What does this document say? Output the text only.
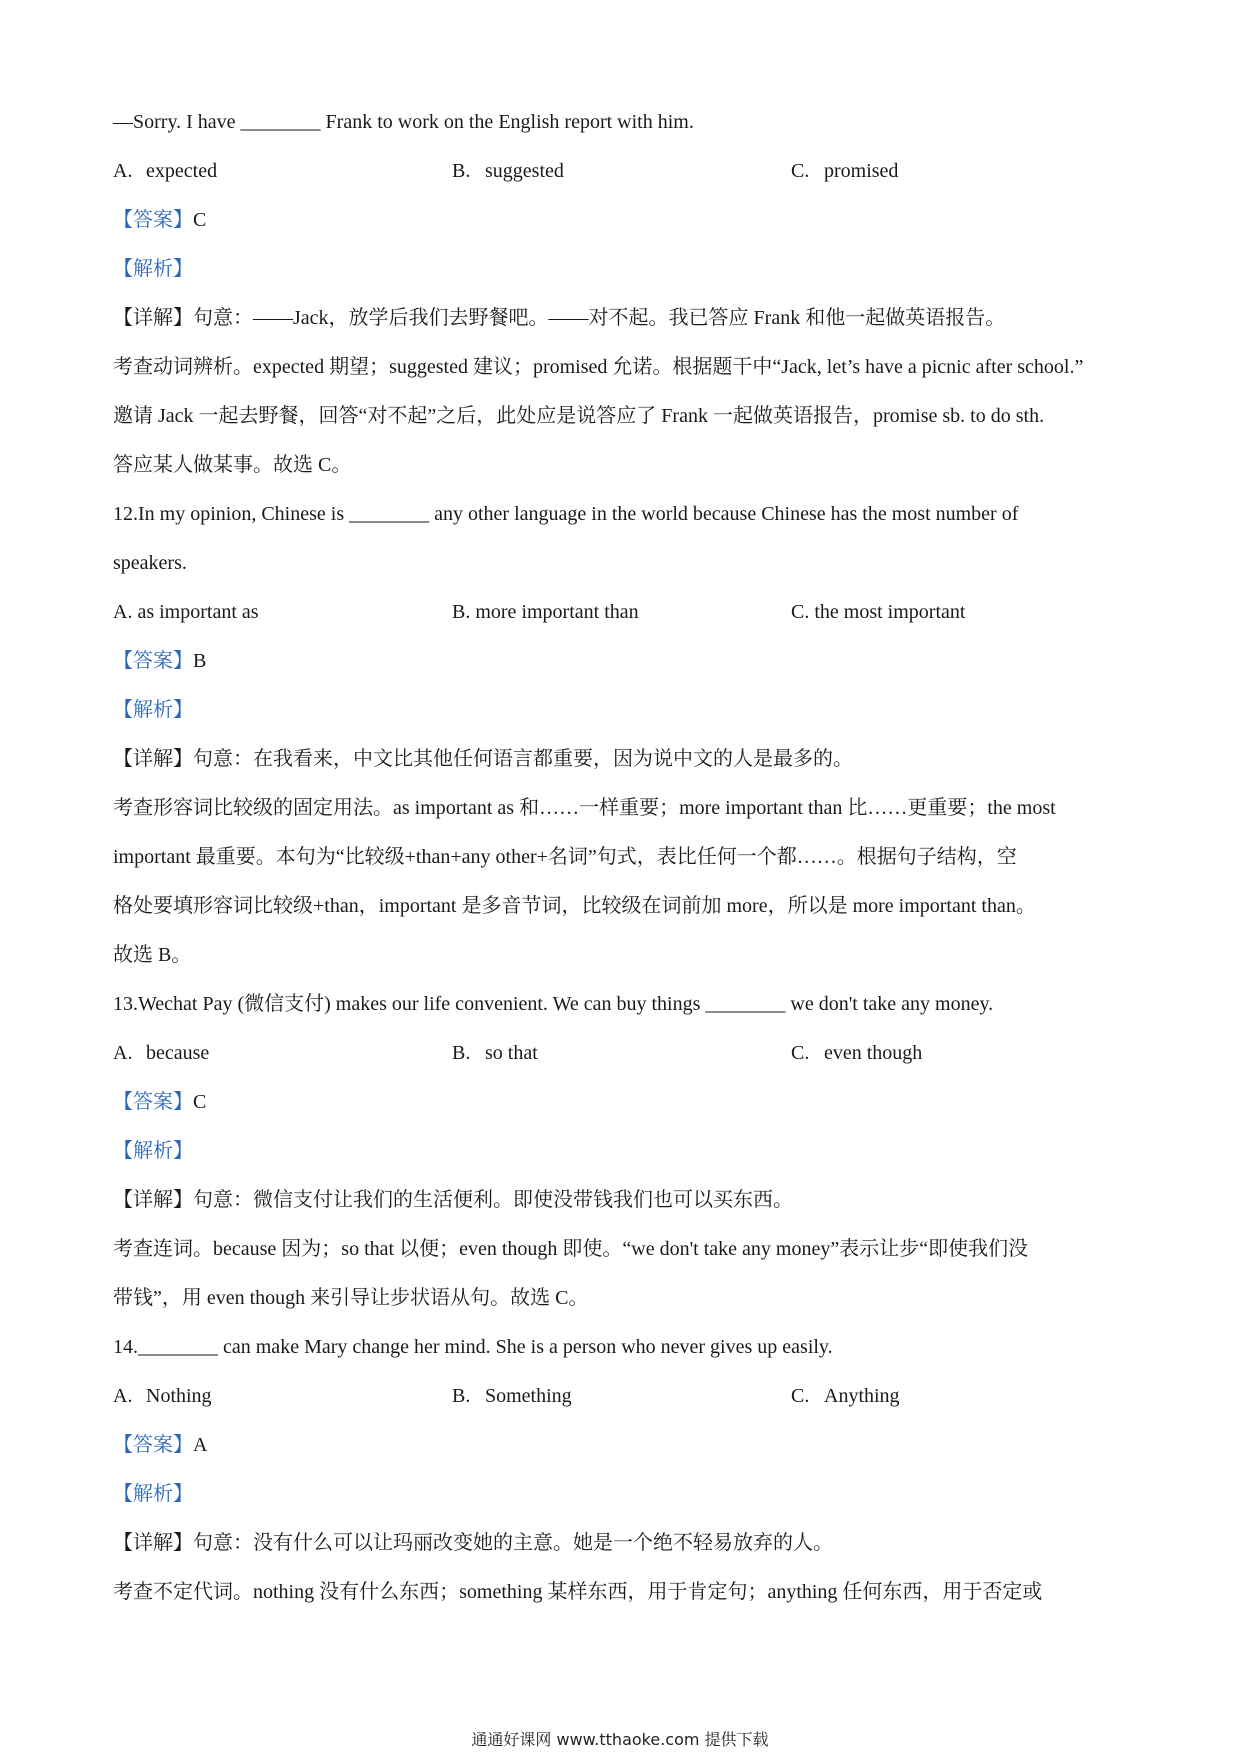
—Sorry. I have ________ Frank to work on the English report with him.
A. expected	B. suggested	C. promised
【答案】C
【解析】
【详解】句意：——Jack，放学后我们去野餐吧。——对不起。我已答应 Frank 和他一起做英语报告。
考查动词辨析。expected 期望；suggested 建议；promised 允诺。根据题干中“Jack, let’s have a picnic after school.”
邀请 Jack 一起去野餐，回答“对不起”之后，此处应是说答应了 Frank 一起做英语报告，promise sb. to do sth.
答应某人做某事。故选 C。
12.In my opinion, Chinese is ________ any other language in the world because Chinese has the most number of
speakers.
A. as important as	B. more important than	C. the most important
【答案】B
【解析】
【详解】句意：在我看来，中文比其他任何语言都重要，因为说中文的人是最多的。
考查形容词比较级的固定用法。as important as 和……一样重要；more important than 比……更重要；the most
important 最重要。本句为“比较级+than+any other+名词”句式，表比任何一个都……。根据句子结构，空
格处要填形容词比较级+than，important 是多音节词，比较级在词前加 more，所以是 more important than。
故选 B。
13.Wechat Pay (微信支付) makes our life convenient. We can buy things ________ we don't take any money.
A. because	B. so that	C. even though
【答案】C
【解析】
【详解】句意：微信支付让我们的生活便利。即使没带钱我们也可以买东西。
考查连词。because 因为；so that 以便；even though 即使。“we don't take any money”表示让步“即使我们没
带钱”，用 even though 来引导让步状语从句。故选 C。
14.________ can make Mary change her mind. She is a person who never gives up easily.
A. Nothing	B. Something	C. Anything
【答案】A
【解析】
【详解】句意：没有什么可以让玛丽改变她的主意。她是一个绝不轻易放弃的人。
考查不定代词。nothing 没有什么东西；something 某样东西，用于肯定句；anything 任何东西，用于否定或
通通好课网 www.tthaoke.com 提供下载
